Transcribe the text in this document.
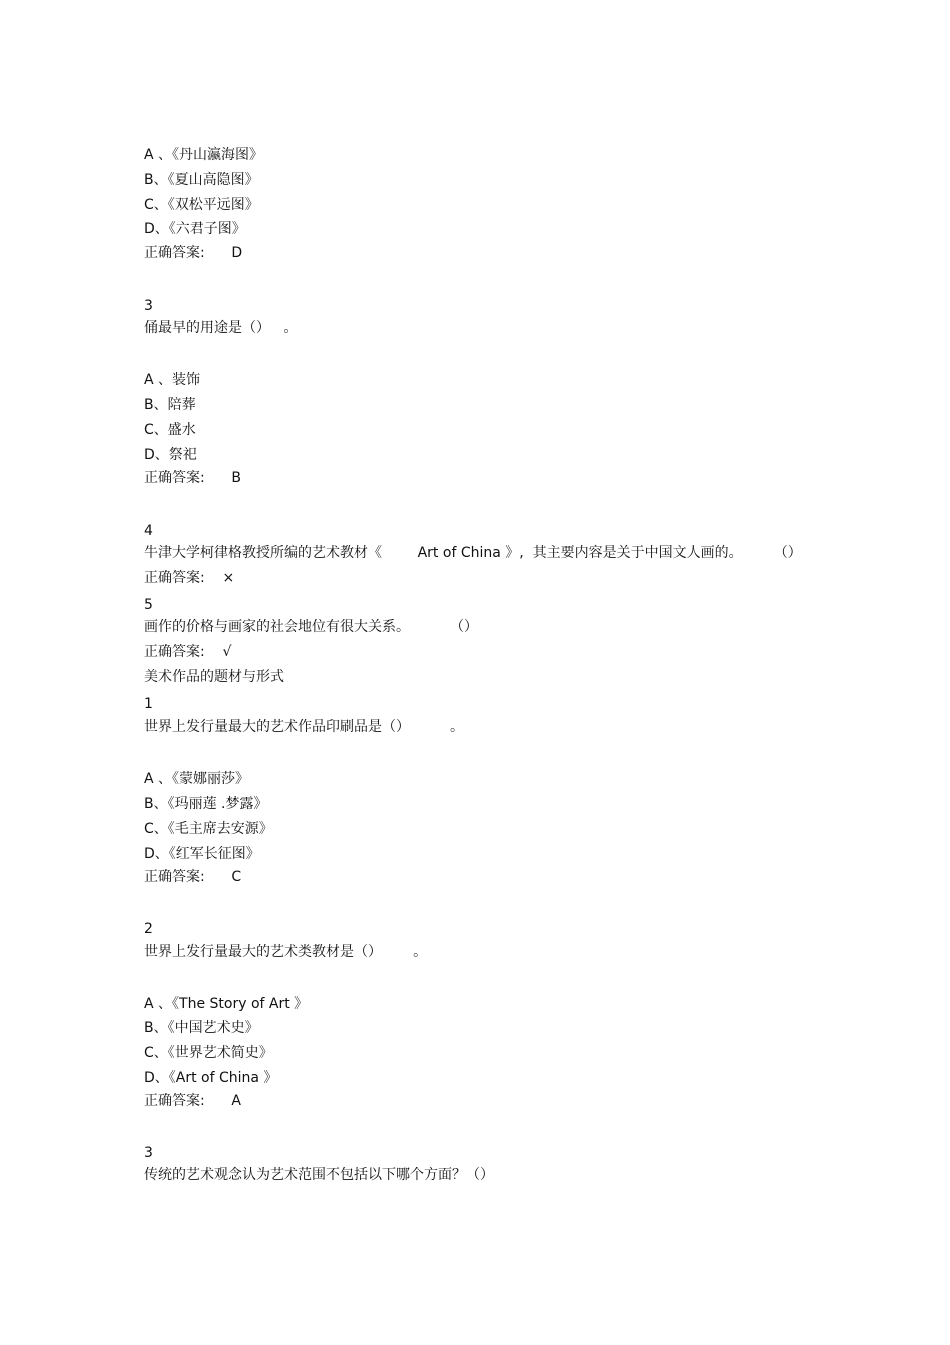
A 、《丹山瀛海图》
B、《夏山高隐图》
C、《双松平远图》
D、《六君子图》
正确答案:      D
3
俑最早的用途是（）   。
A 、装饰
B、陪葬
C、盛水
D、祭祀
正确答案:      B
4
牛津大学柯律格教授所编的艺术教材《        Art of China 》,  其主要内容是关于中国文人画的。       （）
正确答案:    ×
5
画作的价格与画家的社会地位有很大关系。         （）
正确答案:    √
美术作品的题材与形式
1
世界上发行量最大的艺术作品印刷品是（）         。
A 、《蒙娜丽莎》
B、《玛丽莲 .梦露》
C、《毛主席去安源》
D、《红军长征图》
正确答案:      C
2
世界上发行量最大的艺术类教材是（）       。
A 、《The Story of Art 》
B、《中国艺术史》
C、《世界艺术简史》
D、《Art of China 》
正确答案:      A
3
传统的艺术观念认为艺术范围不包括以下哪个方面？（）
